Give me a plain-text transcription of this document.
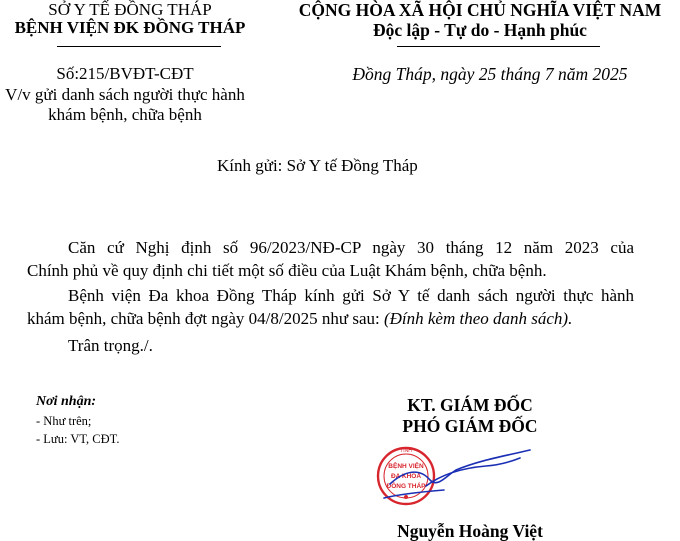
SỞ Y TẾ ĐỒNG THÁP
BỆNH VIỆN ĐK ĐỒNG THÁP
Số:215/BVĐT-CĐT
V/v gửi danh sách người thực hành
khám bệnh, chữa bệnh
CỘNG HÒA XÃ HỘI CHỦ NGHĨA VIỆT NAM
Độc lập - Tự do - Hạnh phúc
Đồng Tháp, ngày 25 tháng 7 năm 2025
Kính gửi: Sở Y tế Đồng Tháp
Căn cứ Nghị định số 96/2023/NĐ-CP ngày 30 tháng 12 năm 2023 của
Chính phủ về quy định chi tiết một số điều của Luật Khám bệnh, chữa bệnh.
Bệnh viện Đa khoa Đồng Tháp kính gửi Sở Y tế danh sách người thực hành
khám bệnh, chữa bệnh đợt ngày 04/8/2025 như sau: (Đính kèm theo danh sách).
Trân trọng./.
Nơi nhận:
- Như trên;
- Lưu: VT, CĐT.
KT. GIÁM ĐỐC
PHÓ GIÁM ĐỐC
TỈNH
BỆNH VIỆN
ĐA KHOA
ĐỒNG THÁP
Nguyễn Hoàng Việt
